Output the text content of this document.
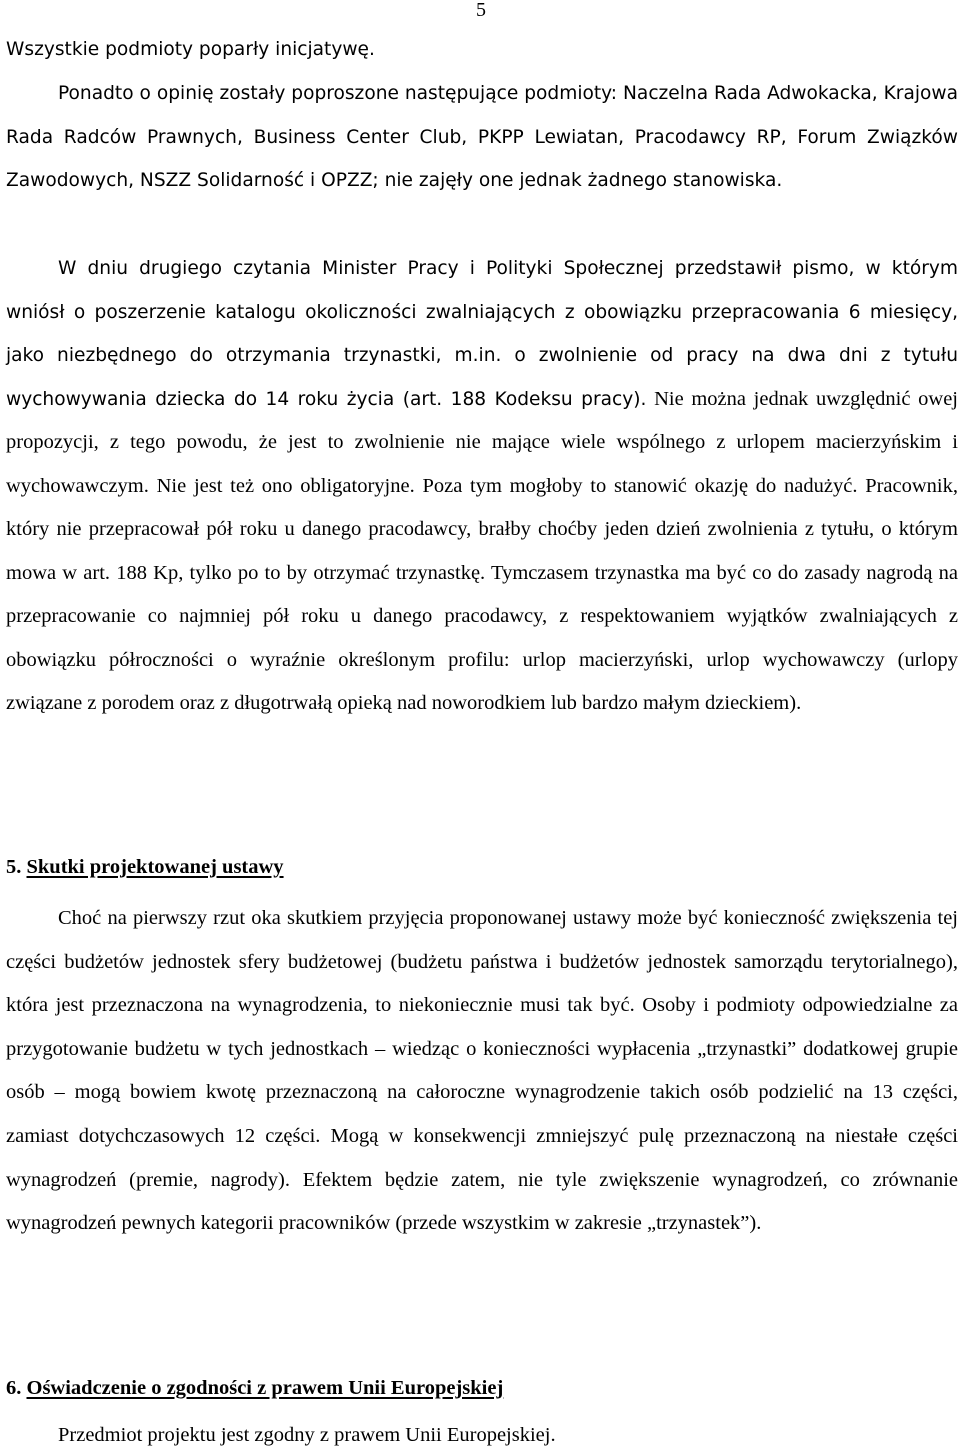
5

Wszystkie podmioty poparły inicjatywę.

Ponadto o opinię zostały poproszone następujące podmioty: Naczelna Rada Adwokacka, Krajowa Rada Radców Prawnych, Business Center Club, PKPP Lewiatan, Pracodawcy RP, Forum Związków Zawodowych, NSZZ Solidarność i OPZZ; nie zajęły one jednak żadnego stanowiska.

W dniu drugiego czytania Minister Pracy i Polityki Społecznej przedstawił pismo, w którym wniósł o poszerzenie katalogu okoliczności zwalniających z obowiązku przepracowania 6 miesięcy, jako niezbędnego do otrzymania trzynastki, m.in. o zwolnienie od pracy na dwa dni z tytułu wychowywania dziecka do 14 roku życia (art. 188 Kodeksu pracy). Nie można jednak uwzględnić owej propozycji, z tego powodu, że jest to zwolnienie nie mające wiele wspólnego z urlopem macierzyńskim i wychowawczym. Nie jest też ono obligatoryjne. Poza tym mogłoby to stanowić okazję do nadużyć. Pracownik, który nie przepracował pół roku u danego pracodawcy, brałby choćby jeden dzień zwolnienia z tytułu, o którym mowa w art. 188 Kp, tylko po to by otrzymać trzynastkę. Tymczasem trzynastka ma być co do zasady nagrodą na przepracowanie co najmniej pół roku u danego pracodawcy, z respektowaniem wyjątków zwalniających z obowiązku półroczności o wyraźnie określonym profilu: urlop macierzyński, urlop wychowawczy (urlopy związane z porodem oraz z długotrwałą opieką nad noworodkiem lub bardzo małym dzieckiem).

5. Skutki projektowanej ustawy

Choć na pierwszy rzut oka skutkiem przyjęcia proponowanej ustawy może być konieczność zwiększenia tej części budżetów jednostek sfery budżetowej (budżetu państwa i budżetów jednostek samorządu terytorialnego), która jest przeznaczona na wynagrodzenia, to niekoniecznie musi tak być. Osoby i podmioty odpowiedzialne za przygotowanie budżetu w tych jednostkach – wiedząc o konieczności wypłacenia „trzynastki” dodatkowej grupie osób – mogą bowiem kwotę przeznaczoną na całoroczne wynagrodzenie takich osób podzielić na 13 części, zamiast dotychczasowych 12 części. Mogą w konsekwencji zmniejszyć pulę przeznaczoną na niestałe części wynagrodzeń (premie, nagrody). Efektem będzie zatem, nie tyle zwiększenie wynagrodzeń, co zrównanie wynagrodzeń pewnych kategorii pracowników (przede wszystkim w zakresie „trzynastek”).

6. Oświadczenie o zgodności z prawem Unii Europejskiej

Przedmiot projektu jest zgodny z prawem Unii Europejskiej.
